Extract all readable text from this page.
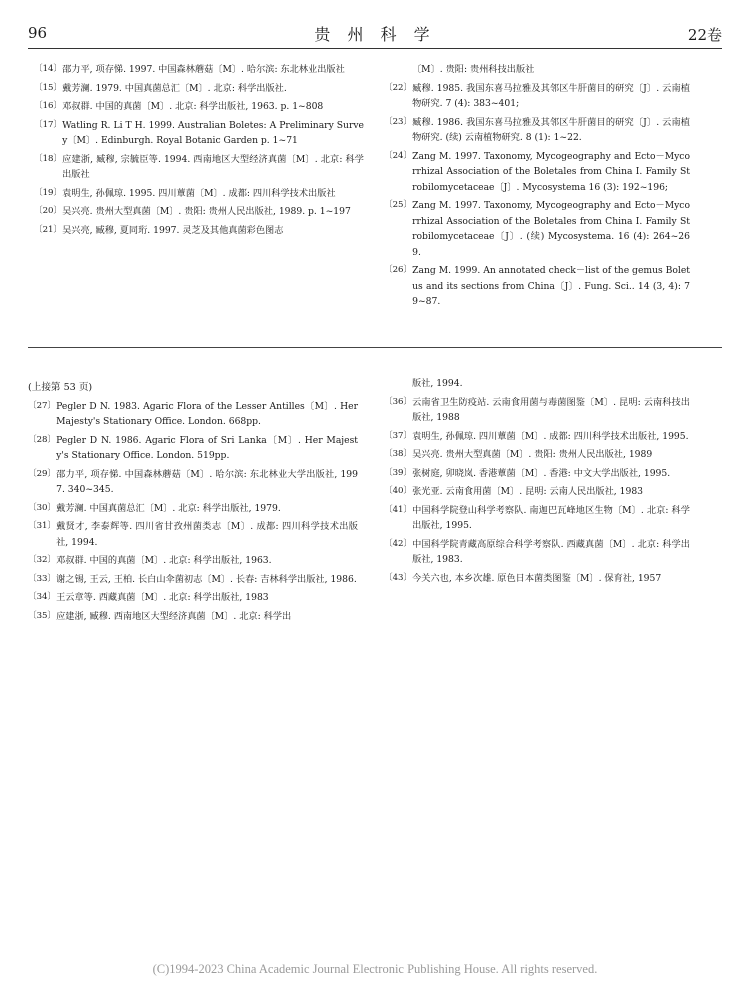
96	贵 州 科 学	22卷
〔14〕 邵力平, 项存悌. 1997. 中国森林蘑菇〔M〕. 哈尔滨: 东北林业出版社
〔15〕 戴芳澜. 1979. 中国真菌总汇〔M〕. 北京: 科学出版社.
〔16〕 邓叔群. 中国的真菌〔M〕. 北京: 科学出版社, 1963. p. 1~808
〔17〕 Watling R. Li T H. 1999. Australian Boletes: A Preliminary Survey〔M〕. Edinburgh. Royal Botanic Garden p. 1~71
〔18〕 应建浙, 臧穆, 宗毓臣等. 1994. 西南地区大型经济真菌〔M〕. 北京: 科学出版社
〔19〕 袁明生, 孙佩琼. 1995. 四川蕈菌〔M〕. 成都: 四川科学技术出版社
〔20〕 吴兴亮. 贵州大型真菌〔M〕. 贵阳: 贵州人民出版社, 1989. p. 1~197
〔21〕 吴兴亮, 臧穆, 夏同珩. 1997. 灵芝及其他真菌彩色图志
〔M〕. 贵阳: 贵州科技出版社
〔22〕 臧穆. 1985. 我国东喜马拉雅及其邻区牛肝菌目的研究〔J〕. 云南植物研究. 7 (4): 383~401;
〔23〕 臧穆. 1986. 我国东喜马拉雅及其邻区牛肝菌目的研究〔J〕. 云南植物研究. (续) 云南植物研究. 8 (1): 1~22.
〔24〕 Zang M. 1997. Taxonomy, Mycogeography and Ecto－Mycorrhizal Association of the Boletales from China I. Family Strobilomycetaceae〔J〕. Mycosystema 16 (3): 192~196;
〔25〕 Zang M. 1997. Taxonomy, Mycogeography and Ecto－Mycorrhizal Association of the Boletales from China I. Family Strobilomycetaceae〔J〕. (续) Mycosystema. 16 (4): 264~269.
〔26〕 Zang M. 1999. An annotated check－list of the gemus Boletus and its sections from China〔J〕. Fung. Sci.. 14 (3, 4): 79~87.
(上接第 53 页)
〔27〕 Pegler D N. 1983. Agaric Flora of the Lesser Antilles〔M〕. Her Majesty's Stationary Office. London. 668pp.
〔28〕 Pegler D N. 1986. Agaric Flora of Sri Lanka〔M〕. Her Majesty's Stationary Office. London. 519pp.
〔29〕 邵力平, 项存悌. 中国森林蘑菇〔M〕. 哈尔滨: 东北林业大学出版社, 1997. 340~345.
〔30〕 戴芳澜. 中国真菌总汇〔M〕. 北京: 科学出版社, 1979.
〔31〕 戴贤才, 李泰辉等. 四川省甘孜州菌类志〔M〕. 成都: 四川科学技术出版社, 1994.
〔32〕 邓叔群. 中国的真菌〔M〕. 北京: 科学出版社, 1963.
〔33〕 谢之锡, 王云, 王柏. 长白山伞菌初志〔M〕. 长春: 吉林科学出版社, 1986.
〔34〕 王云章等. 西藏真菌〔M〕. 北京: 科学出版社, 1983
〔35〕 应建浙, 臧穆. 西南地区大型经济真菌〔M〕. 北京: 科学出
版社, 1994.
〔36〕 云南省卫生防疫站. 云南食用菌与毒菌图鉴〔M〕. 昆明: 云南科技出版社, 1988
〔37〕 袁明生, 孙佩琼. 四川蕈菌〔M〕. 成都: 四川科学技术出版社, 1995.
〔38〕 吴兴亮. 贵州大型真菌〔M〕. 贵阳: 贵州人民出版社, 1989
〔39〕 张树庭, 卯晓岚. 香港蕈菌〔M〕. 香港: 中文大学出版社, 1995.
〔40〕 张光亚. 云南食用菌〔M〕. 昆明: 云南人民出版社, 1983
〔41〕 中国科学院登山科学考察队. 南迦巴瓦峰地区生物〔M〕. 北京: 科学出版社, 1995.
〔42〕 中国科学院青藏高原综合科学考察队. 西藏真菌〔M〕. 北京: 科学出版社, 1983.
〔43〕 今关六也, 本乡次雄. 原色日本菌类图鉴〔M〕. 保育社, 1957
(C)1994-2023 China Academic Journal Electronic Publishing House. All rights reserved.
